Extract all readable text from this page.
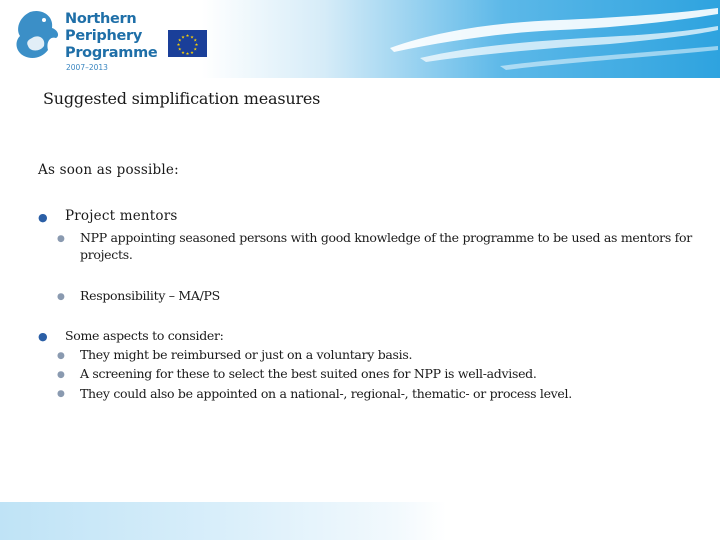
Northern
Periphery
Programme
2007–2013
★ ★
★
★
★
★
★
★
★
★
★
★
Suggested simplification measures
As soon as possible:
● Project mentors
● NPP appointing seasoned persons with good knowledge of the programme to be used as mentors for
projects.
● Responsibility – MA/PS
● Some aspects to consider:
● They might be reimbursed or just on a voluntary basis.
● A screening for these to select the best suited ones for NPP is well-advised.
● They could also be appointed on a national-, regional-, thematic- or process level.
